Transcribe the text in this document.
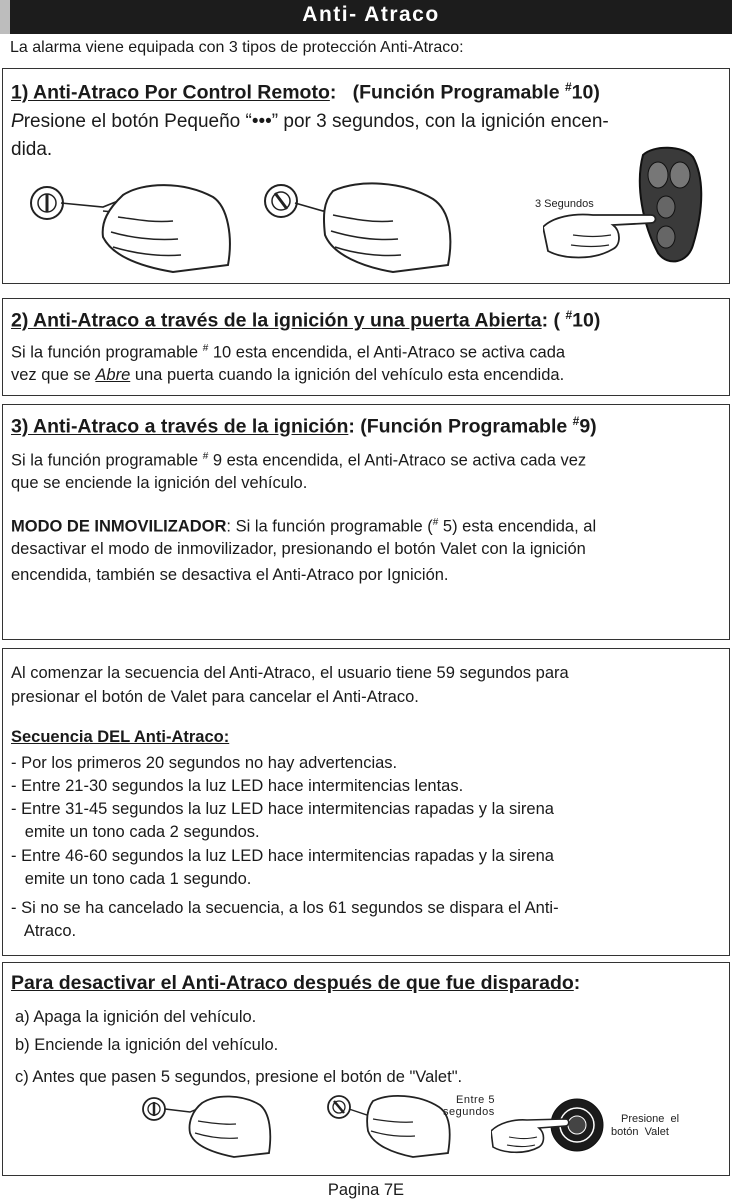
Anti- Atraco
La alarma viene equipada con 3 tipos de protección Anti-Atraco:
1) Anti-Atraco Por Control Remoto:   (Función Programable #10)
Presione el botón Pequeño “•••” por 3 segundos, con la ignición encen-
dida.
3 Segundos
2) Anti-Atraco a través de la ignición y una puerta Abierta: ( #10)
Si la función programable # 10 esta encendida, el Anti-Atraco se activa cada
vez que se Abre una puerta cuando la ignición del vehículo esta encendida.
3) Anti-Atraco a través de la ignición: (Función Programable #9)
Si la función programable # 9 esta encendida, el Anti-Atraco se activa cada vez
que se enciende la ignición del vehículo.
MODO DE INMOVILIZADOR: Si la función programable (# 5) esta encendida, al
desactivar el modo de inmovilizador, presionando el botón Valet con la ignición
encendida, también se desactiva el Anti-Atraco por Ignición.
Al comenzar la secuencia del Anti-Atraco, el usuario tiene 59 segundos para
presionar el botón de Valet para cancelar el Anti-Atraco.
Secuencia DEL Anti-Atraco:
- Por los primeros 20 segundos no hay advertencias.
- Entre 21-30 segundos la luz LED hace intermitencias lentas.
- Entre 31-45 segundos la luz LED hace intermitencias rapadas y la sirena
emite un tono cada 2 segundos.
- Entre 46-60 segundos la luz LED hace intermitencias rapadas y la sirena
emite un tono cada 1 segundo.
- Si no se ha cancelado la secuencia, a los 61 segundos se dispara el Anti-
Atraco.
Para desactivar el Anti-Atraco después de que fue disparado:
a) Apaga la ignición del vehículo.
b) Enciende la ignición del vehículo.
c) Antes que pasen 5 segundos, presione el botón de "Valet".
Entre 5
segundos
Presione  el
botón  Valet
Pagina 7E
